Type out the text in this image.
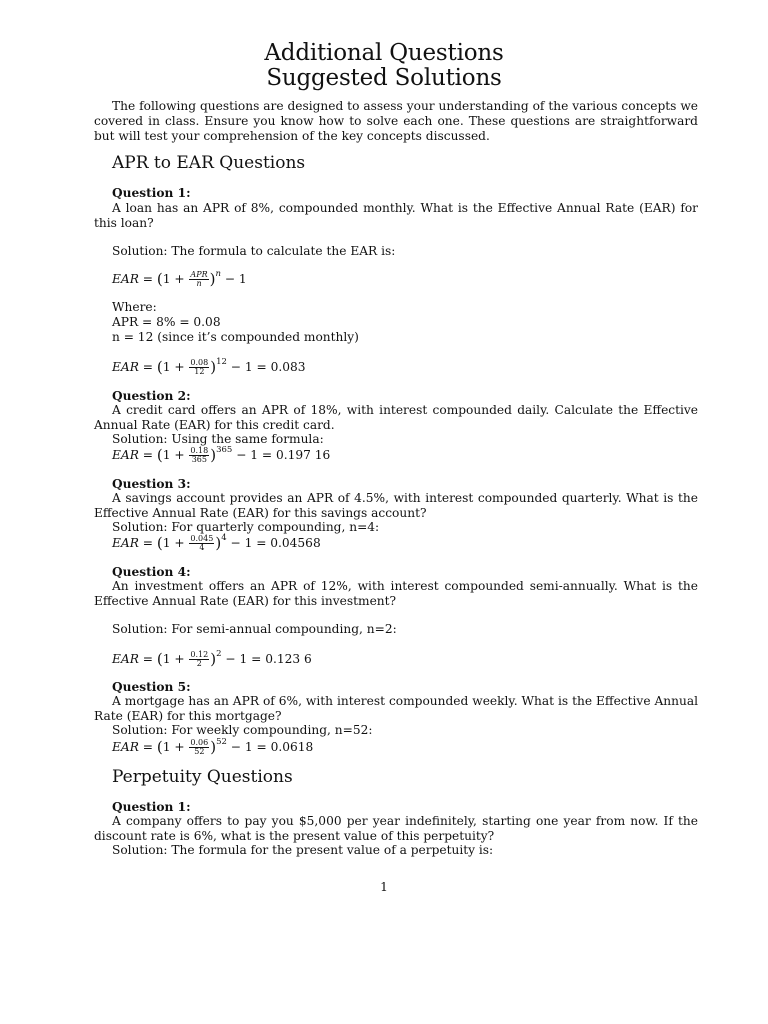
Additional Questions
Suggested Solutions
The following questions are designed to assess your understanding of the various concepts we covered in class. Ensure you know how to solve each one. These questions are straightforward but will test your comprehension of the key concepts discussed.
APR to EAR Questions
Question 1:
A loan has an APR of 8%, compounded monthly. What is the Effective Annual Rate (EAR) for this loan?
Solution: The formula to calculate the EAR is:
EAR = $(1 + \frac{\text{APR}}{n} )^n - 1$
Where:
APR = 8% = 0.08
n = 12 (since it’s compounded monthly)
EAR = $(1 + \frac{0.08}{12} )^{12} - 1 = 0.083$
Question 2:
A credit card offers an APR of 18%, with interest compounded daily. Calculate the Effective Annual Rate (EAR) for this credit card.
Solution: Using the same formula:
EAR = $(1 + \frac{0.18}{365} )^{365} - 1 = 0.197$ 16
Question 3:
A savings account provides an APR of 4.5%, with interest compounded quarterly. What is the Effective Annual Rate (EAR) for this savings account?
Solution: For quarterly compounding, n=4:
EAR = $(1 + \frac{0.045}{4} )^4 - 1 = 0.04568$
Question 4:
An investment offers an APR of 12%, with interest compounded semi-annually. What is the Effective Annual Rate (EAR) for this investment?
Solution: For semi-annual compounding, n=2:
EAR = $(1 + \frac{0.12}{2} )^2 - 1 = 0.123$ 6
Question 5:
A mortgage has an APR of 6%, with interest compounded weekly. What is the Effective Annual Rate (EAR) for this mortgage?
Solution: For weekly compounding, n=52:
EAR = $(1 + \frac{0.06}{52} )^{52} - 1 = 0.0618$
Perpetuity Questions
Question 1:
A company offers to pay you $5,000 per year indefinitely, starting one year from now. If the discount rate is 6%, what is the present value of this perpetuity?
Solution: The formula for the present value of a perpetuity is:
1
